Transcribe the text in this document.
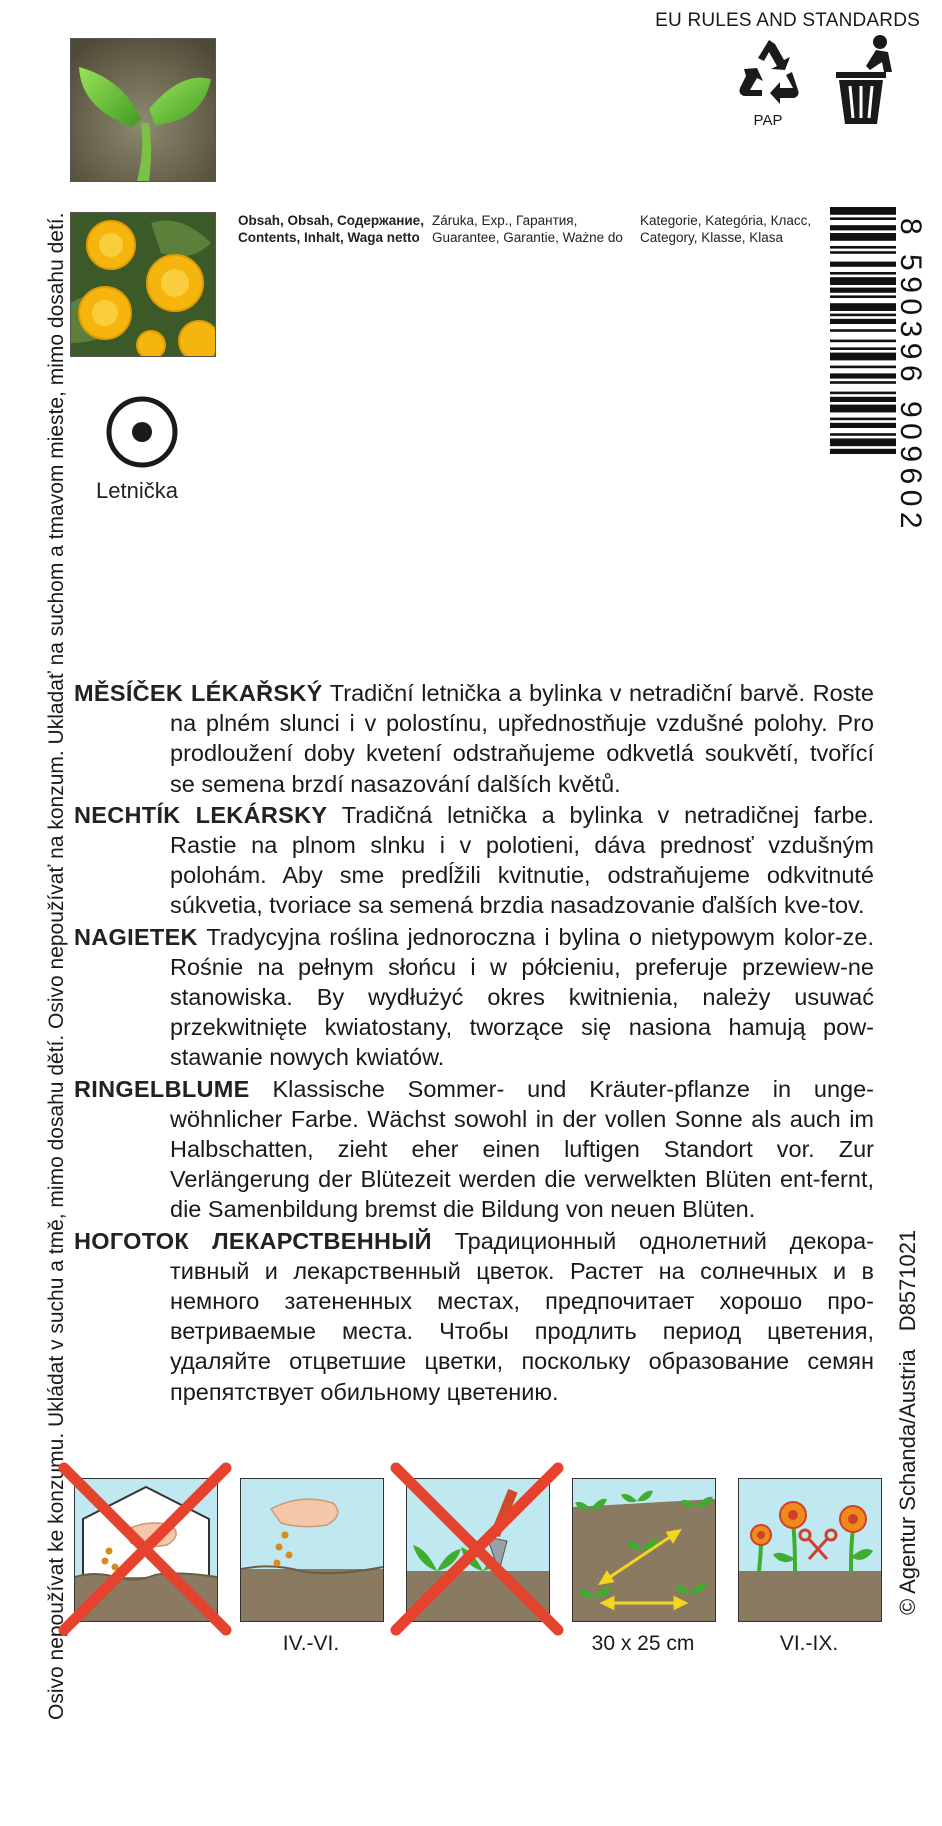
Osivo nepoužívat ke konzumu. Ukládat v suchu a tmě, mimo dosahu dětí. Osivo nepoužívať na konzum. Ukladať na suchom a tmavom mieste, mimo dosahu detí.	© Agentur Schanda/Austria
D8571021
EU RULES AND STANDARDS
PAP
Obsah, Obsah, Содержание,
Contents, Inhalt, Waga netto
Záruka, Exp., Гарантия,
Guarantee, Garantie, Ważne do
Kategorie, Kategória, Класс,
Category, Klasse, Klasa
Letnička	8 590396 909602

MĚSÍČEK LÉKAŘSKÝ Tradiční letnička a bylinka v netradiční barvě. Roste na plném slunci i v polostínu, upřednostňuje vzdušné polohy. Pro prodloužení doby kvetení odstraňujeme odkvetlá soukvětí, tvořící se semena brzdí nasazování dalších květů.

NECHTÍK LEKÁRSKY Tradičná letnička a bylinka v netradičnej farbe. Rastie na plnom slnku i v polotieni, dáva prednosť vzdušným polohám. Aby sme predĺžili kvitnutie, odstraňujeme odkvitnuté súkvetia, tvoriace sa semená brzdia nasadzovanie ďalších kve-tov.

NAGIETEK Tradycyjna roślina jednoroczna i bylina o nietypowym kolor-ze. Rośnie na pełnym słońcu i w półcieniu, preferuje przewiew-ne stanowiska. By wydłużyć okres kwitnienia, należy usuwać przekwitnięte kwiatostany, tworzące się nasiona hamują pow-stawanie nowych kwiatów.

RINGELBLUME Klassische Sommer- und Kräuter-pflanze in unge-wöhnlicher Farbe. Wächst sowohl in der vollen Sonne als auch im Halbschatten, zieht eher einen luftigen Standort vor. Zur Verlängerung der Blütezeit werden die verwelkten Blüten ent-fernt, die Samenbildung bremst die Bildung von neuen Blüten.

НОГОТОК ЛЕКАРСТВЕННЫЙ Традиционный однолетний декора-тивный и лекарственный цветок. Растет на солнечных и в немного затененных местах, предпочитает хорошо про-ветриваемые места. Чтобы продлить период цветения, удаляйте отцветшие цветки, поскольку образование семян препятствует обильному цветению.

IV.-VI.	30 x 25 cm	VI.-IX.
